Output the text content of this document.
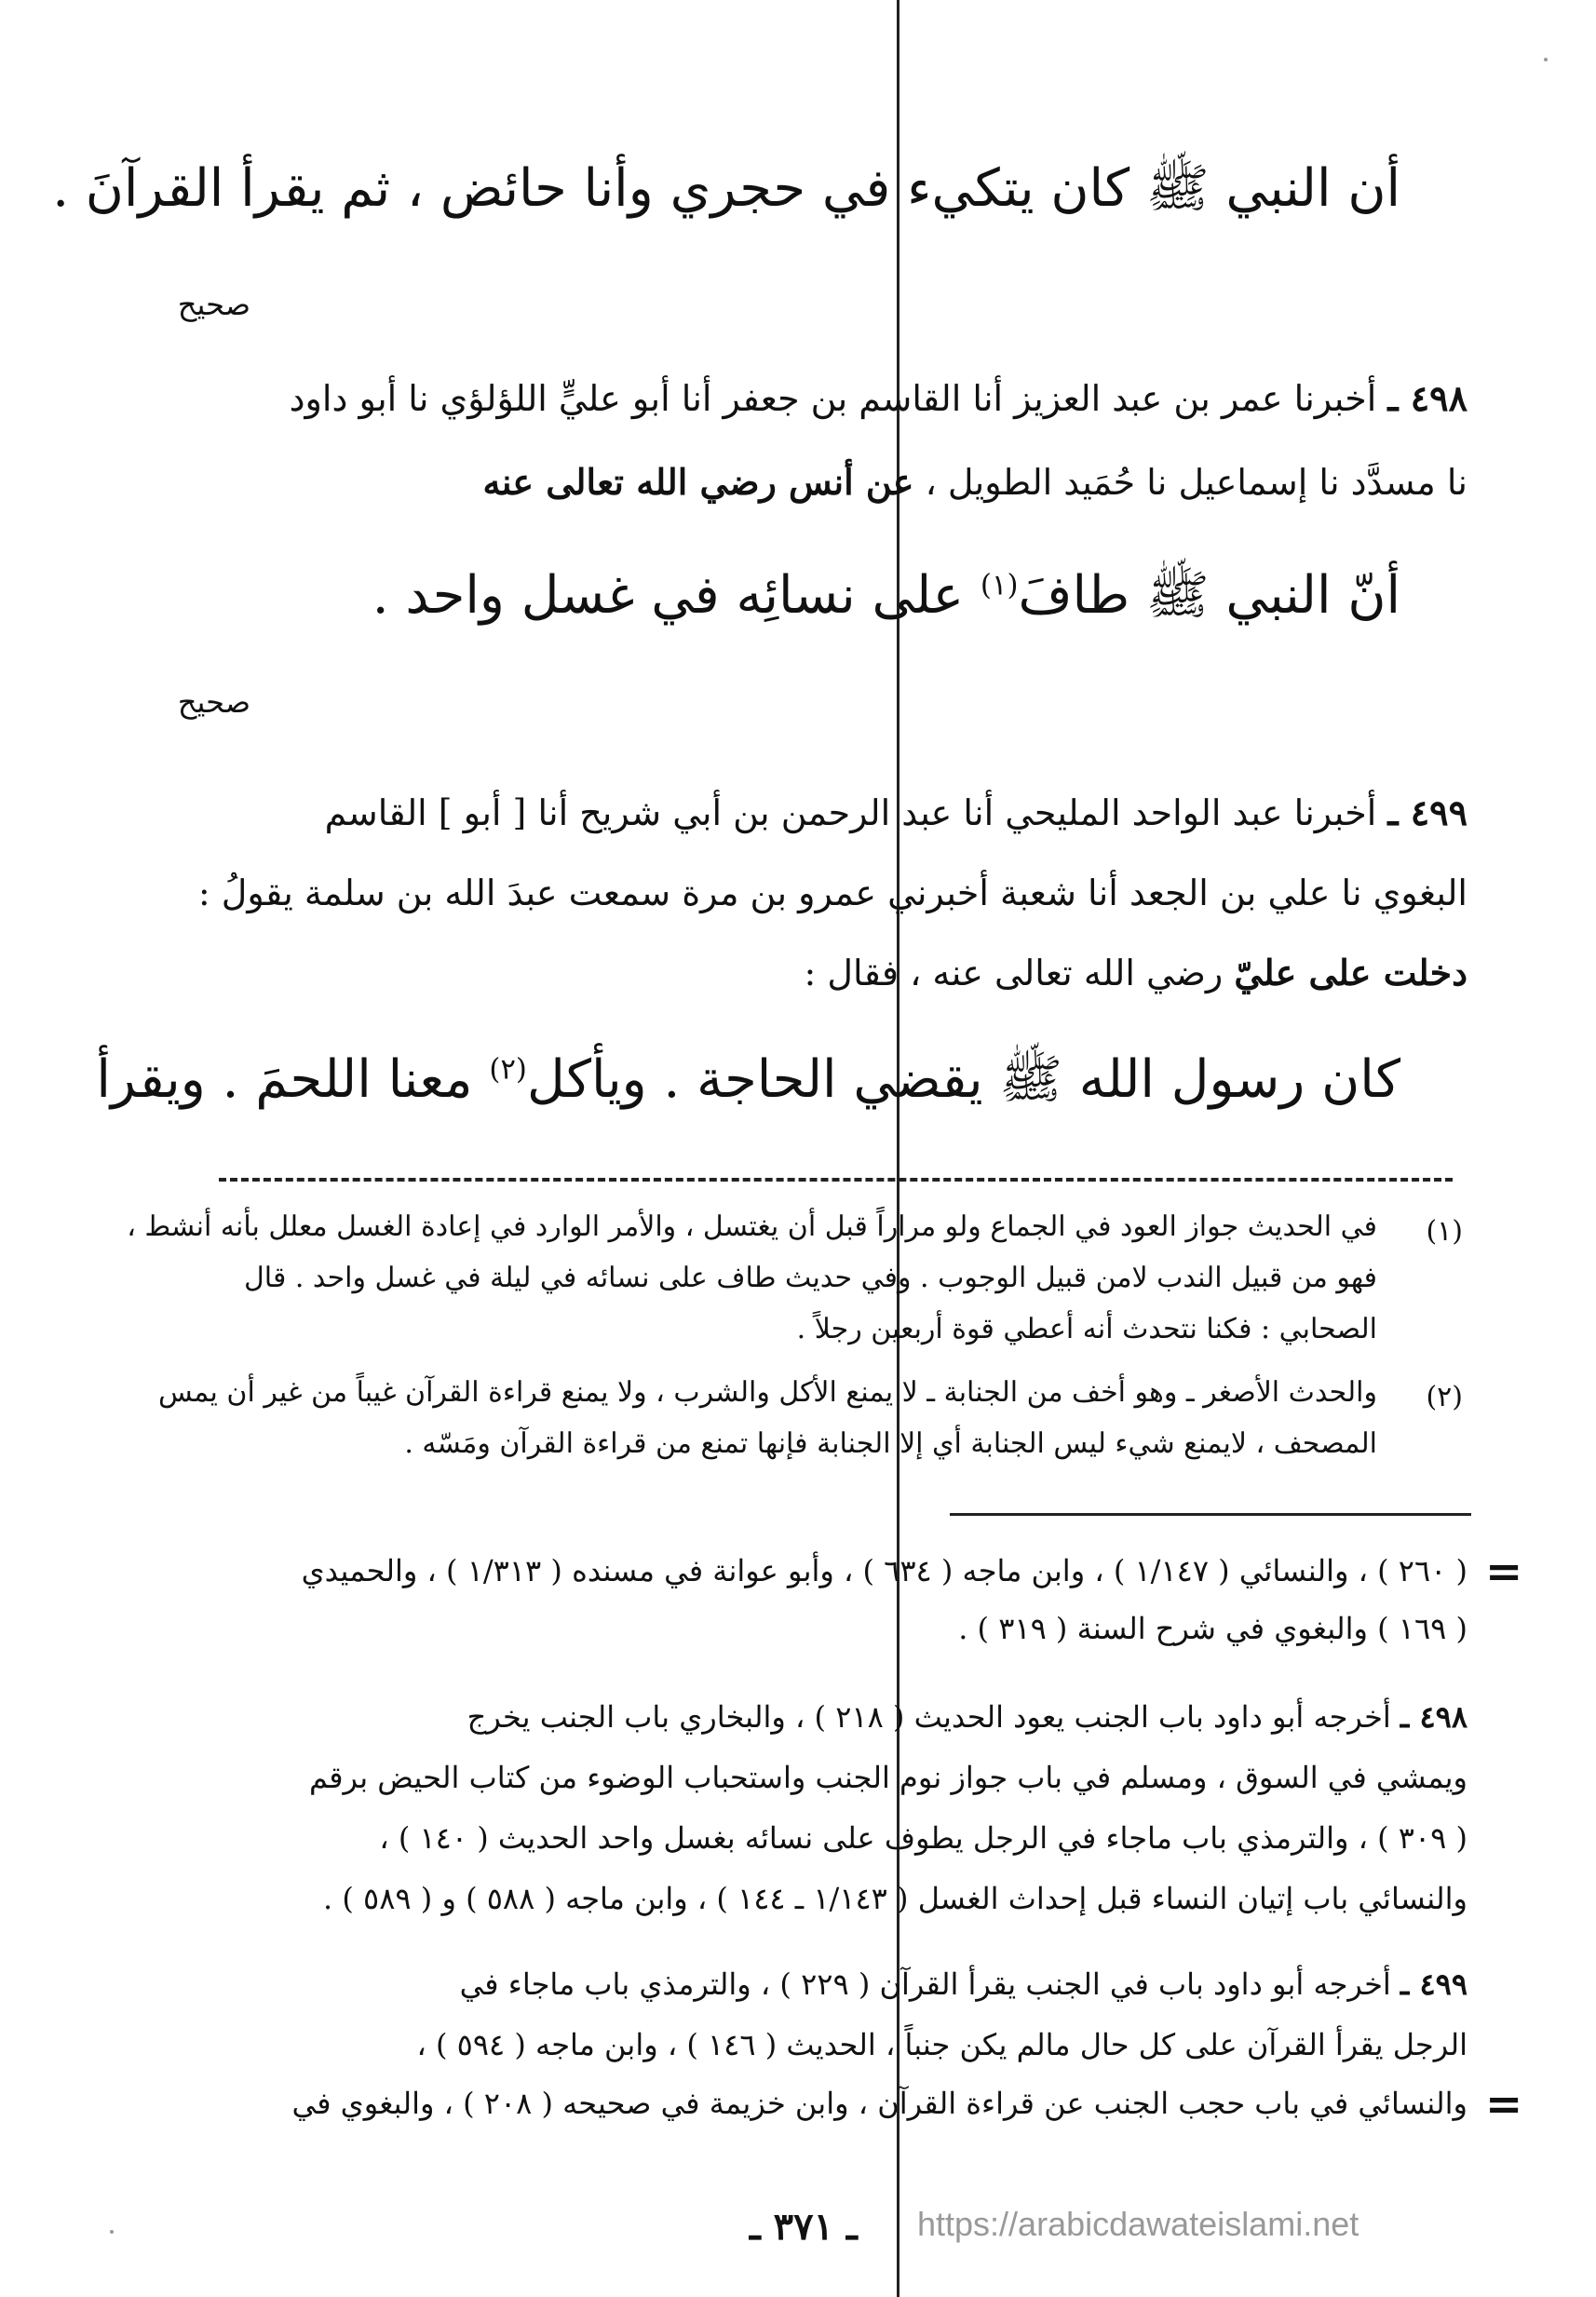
أن النبي ﷺ كان يتكيء في حجري وأنا حائض ، ثم يقرأ القرآنَ .
صحيح
٤٩٨ ـ أخبرنا عمر بن عبد العزيز أنا القاسم بن جعفر أنا أبو عليٍّ اللؤلؤي نا أبو داود
نا مسدَّد نا إسماعيل نا حُمَيد الطويل ، عن أنس رضي الله تعالى عنه
أنّ النبي ﷺ طافَ$^{(١)}$ على نسائِه في غسل واحد .
صحيح
٤٩٩ ـ أخبرنا عبد الواحد المليحي أنا عبد الرحمن بن أبي شريح أنا [ أبو ] القاسم
البغوي نا علي بن الجعد أنا شعبة أخبرني عمرو بن مرة سمعت عبدَ الله بن سلمة يقولُ :
دخلت على عليّ رضي الله تعالى عنه ، فقال :
كان رسول الله ﷺ يقضي الحاجة . ويأكل$^{(٢)}$ معنا اللحمَ . ويقرأ
(١)
في الحديث جواز العود في الجماع ولو مراراً قبل أن يغتسل ، والأمر الوارد في إعادة الغسل معلل بأنه أنشط ،
فهو من قبيل الندب لامن قبيل الوجوب . وفي حديث طاف على نسائه في ليلة في غسل واحد . قال
الصحابي : فكنا نتحدث أنه أعطي قوة أربعين رجلاً .
(٢)
والحدث الأصغر ـ وهو أخف من الجنابة ـ لا يمنع الأكل والشرب ، ولا يمنع قراءة القرآن غيباً من غير أن يمس
المصحف ، لايمنع شيء ليس الجنابة أي إلا الجنابة فإنها تمنع من قراءة القرآن ومَسّه .
=
( ٢٦٠ ) ، والنسائي ( ١/١٤٧ ) ، وابن ماجه ( ٦٣٤ ) ، وأبو عوانة في مسنده ( ١/٣١٣ ) ، والحميدي
( ١٦٩ ) والبغوي في شرح السنة ( ٣١٩ ) .
٤٩٨ ـ أخرجه أبو داود باب الجنب يعود الحديث ( ٢١٨ ) ، والبخاري باب الجنب يخرج
ويمشي في السوق ، ومسلم في باب جواز نوم الجنب واستحباب الوضوء من كتاب الحيض برقم
( ٣٠٩ ) ، والترمذي باب ماجاء في الرجل يطوف على نسائه بغسل واحد الحديث ( ١٤٠ ) ،
والنسائي باب إتيان النساء قبل إحداث الغسل ( ١/١٤٣ ـ ١٤٤ ) ، وابن ماجه ( ٥٨٨ ) و ( ٥٨٩ ) .
٤٩٩ ـ أخرجه أبو داود باب في الجنب يقرأ القرآن ( ٢٢٩ ) ، والترمذي باب ماجاء في
الرجل يقرأ القرآن على كل حال مالم يكن جنباً ، الحديث ( ١٤٦ ) ، وابن ماجه ( ٥٩٤ ) ،
والنسائي في باب حجب الجنب عن قراءة القرآن ، وابن خزيمة في صحيحه ( ٢٠٨ ) ، والبغوي في =
ـ ٣٧١ ـ https://arabicdawateislami.net
